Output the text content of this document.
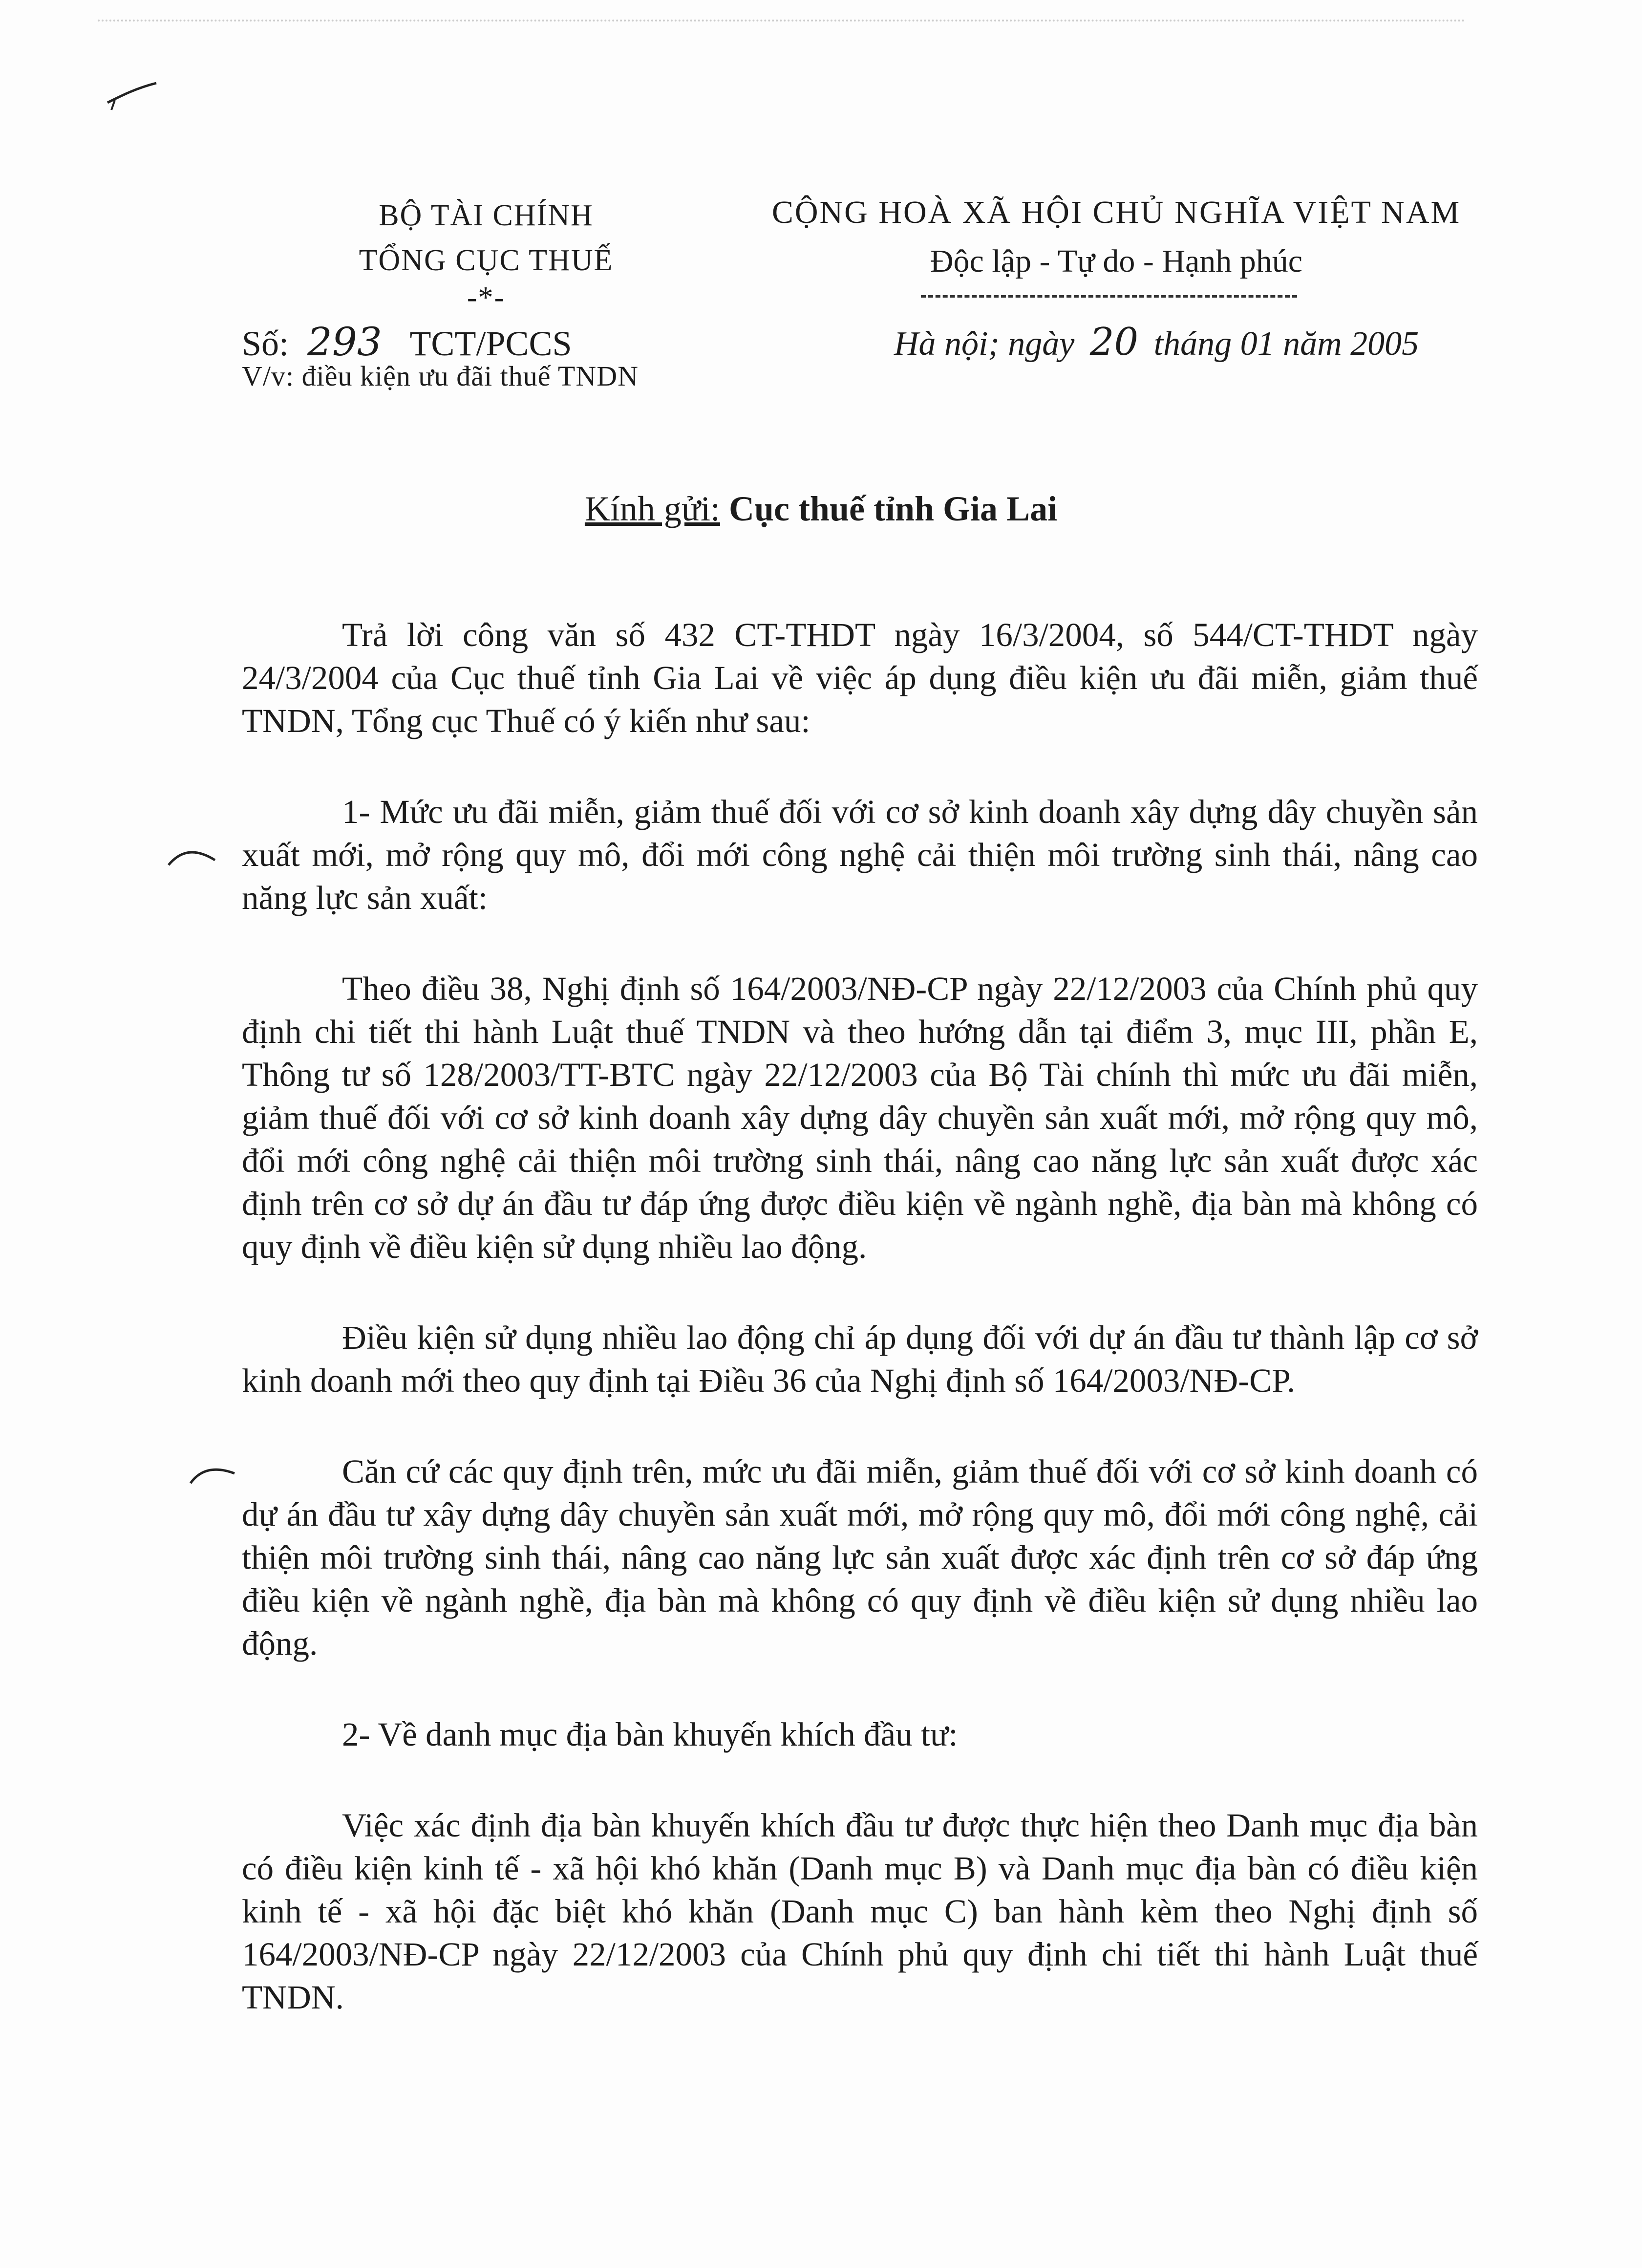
BỘ TÀI CHÍNH
TỔNG CỤC THUẾ
-*-
CỘNG HOÀ XÃ HỘI CHỦ NGHĨA VIỆT NAM
Độc lập - Tự do - Hạnh phúc
Số: 293 TCT/PCCS
V/v: điều kiện ưu đãi thuế TNDN
Hà nội; ngày 20 tháng 01 năm 2005
Kính gửi: Cục thuế tỉnh Gia Lai

Trả lời công văn số 432 CT-THDT ngày 16/3/2004, số 544/CT-THDT ngày 24/3/2004 của Cục thuế tỉnh Gia Lai về việc áp dụng điều kiện ưu đãi miễn, giảm thuế TNDN, Tổng cục Thuế có ý kiến như sau:

1- Mức ưu đãi miễn, giảm thuế đối với cơ sở kinh doanh xây dựng dây chuyền sản xuất mới, mở rộng quy mô, đổi mới công nghệ cải thiện môi trường sinh thái, nâng cao năng lực sản xuất:

Theo điều 38, Nghị định số 164/2003/NĐ-CP ngày 22/12/2003 của Chính phủ quy định chi tiết thi hành Luật thuế TNDN và theo hướng dẫn tại điểm 3, mục III, phần E, Thông tư số 128/2003/TT-BTC ngày 22/12/2003 của Bộ Tài chính thì mức ưu đãi miễn, giảm thuế đối với cơ sở kinh doanh xây dựng dây chuyền sản xuất mới, mở rộng quy mô, đổi mới công nghệ cải thiện môi trường sinh thái, nâng cao năng lực sản xuất được xác định trên cơ sở dự án đầu tư đáp ứng được điều kiện về ngành nghề, địa bàn mà không có quy định về điều kiện sử dụng nhiều lao động.

Điều kiện sử dụng nhiều lao động chỉ áp dụng đối với dự án đầu tư thành lập cơ sở kinh doanh mới theo quy định tại Điều 36 của Nghị định số 164/2003/NĐ-CP.

Căn cứ các quy định trên, mức ưu đãi miễn, giảm thuế đối với cơ sở kinh doanh có dự án đầu tư xây dựng dây chuyền sản xuất mới, mở rộng quy mô, đổi mới công nghệ, cải thiện môi trường sinh thái, nâng cao năng lực sản xuất được xác định trên cơ sở đáp ứng điều kiện về ngành nghề, địa bàn mà không có quy định về điều kiện sử dụng nhiều lao động.

2- Về danh mục địa bàn khuyến khích đầu tư:

Việc xác định địa bàn khuyến khích đầu tư được thực hiện theo Danh mục địa bàn có điều kiện kinh tế - xã hội khó khăn (Danh mục B) và Danh mục địa bàn có điều kiện kinh tế - xã hội đặc biệt khó khăn (Danh mục C) ban hành kèm theo Nghị định số 164/2003/NĐ-CP ngày 22/12/2003 của Chính phủ quy định chi tiết thi hành Luật thuế TNDN.
